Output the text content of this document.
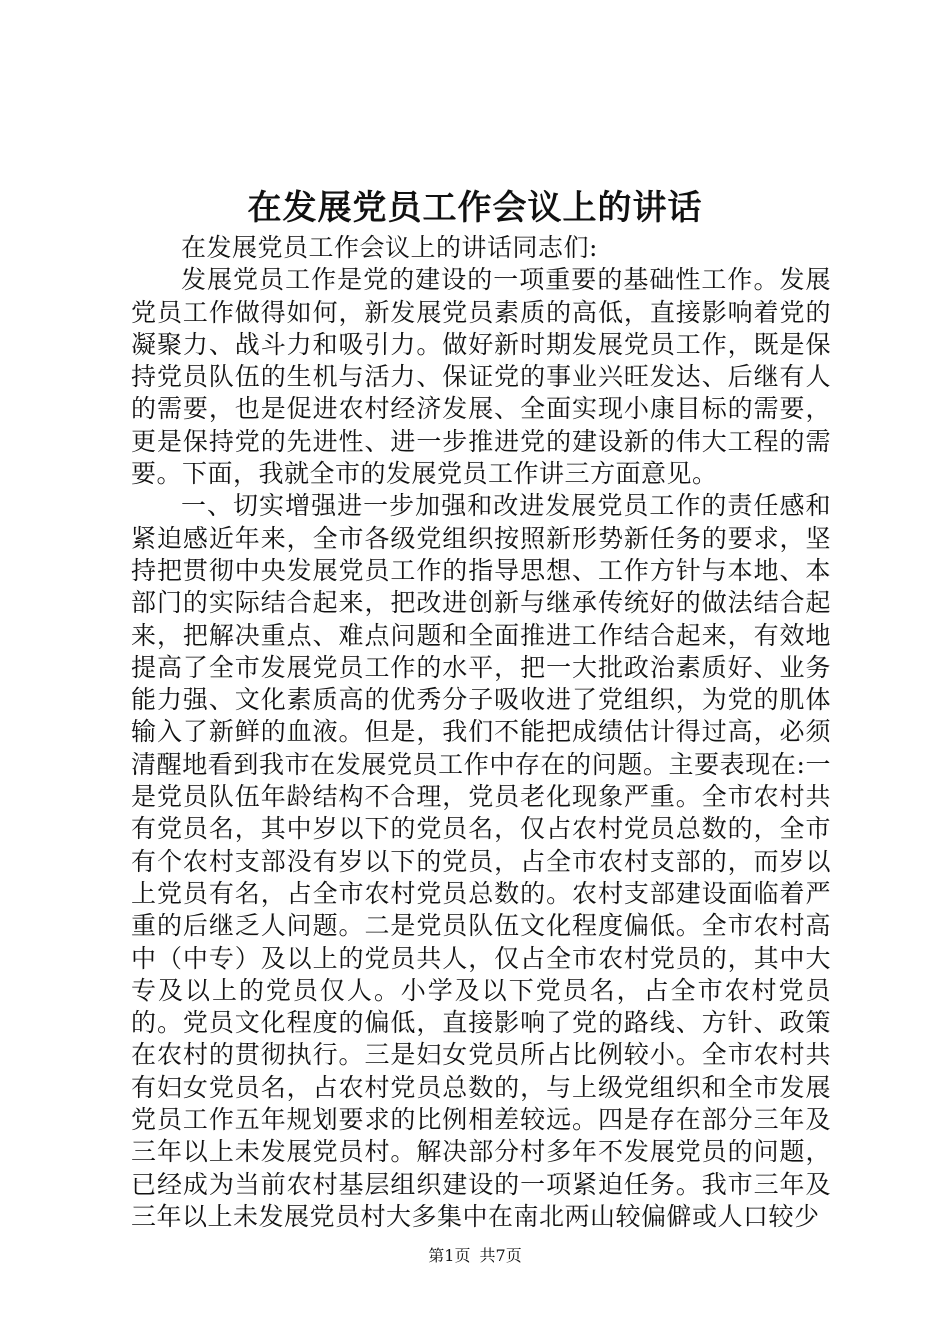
在发展党员工作会议上的讲话

在发展党员工作会议上的讲话同志们:

发展党员工作是党的建设的一项重要的基础性工作。发展党员工作做得如何，新发展党员素质的高低，直接影响着党的凝聚力、战斗力和吸引力。做好新时期发展党员工作，既是保持党员队伍的生机与活力、保证党的事业兴旺发达、后继有人的需要，也是促进农村经济发展、全面实现小康目标的需要，更是保持党的先进性、进一步推进党的建设新的伟大工程的需要。下面，我就全市的发展党员工作讲三方面意见。

一、切实增强进一步加强和改进发展党员工作的责任感和紧迫感近年来，全市各级党组织按照新形势新任务的要求，坚持把贯彻中央发展党员工作的指导思想、工作方针与本地、本部门的实际结合起来，把改进创新与继承传统好的做法结合起来，把解决重点、难点问题和全面推进工作结合起来，有效地提高了全市发展党员工作的水平，把一大批政治素质好、业务能力强、文化素质高的优秀分子吸收进了党组织，为党的肌体输入了新鲜的血液。但是，我们不能把成绩估计得过高，必须清醒地看到我市在发展党员工作中存在的问题。主要表现在:一是党员队伍年龄结构不合理，党员老化现象严重。全市农村共有党员名，其中岁以下的党员名，仅占农村党员总数的，全市有个农村支部没有岁以下的党员，占全市农村支部的，而岁以上党员有名，占全市农村党员总数的。农村支部建设面临着严重的后继乏人问题。二是党员队伍文化程度偏低。全市农村高中（中专）及以上的党员共人，仅占全市农村党员的，其中大专及以上的党员仅人。小学及以下党员名，占全市农村党员的。党员文化程度的偏低，直接影响了党的路线、方针、政策在农村的贯彻执行。三是妇女党员所占比例较小。全市农村共有妇女党员名，占农村党员总数的，与上级党组织和全市发展党员工作五年规划要求的比例相差较远。四是存在部分三年及三年以上未发展党员村。解决部分村多年不发展党员的问题，已经成为当前农村基层组织建设的一项紧迫任务。我市三年及三年以上未发展党员村大多集中在南北两山较偏僻或人口较少

第1页 共7页
